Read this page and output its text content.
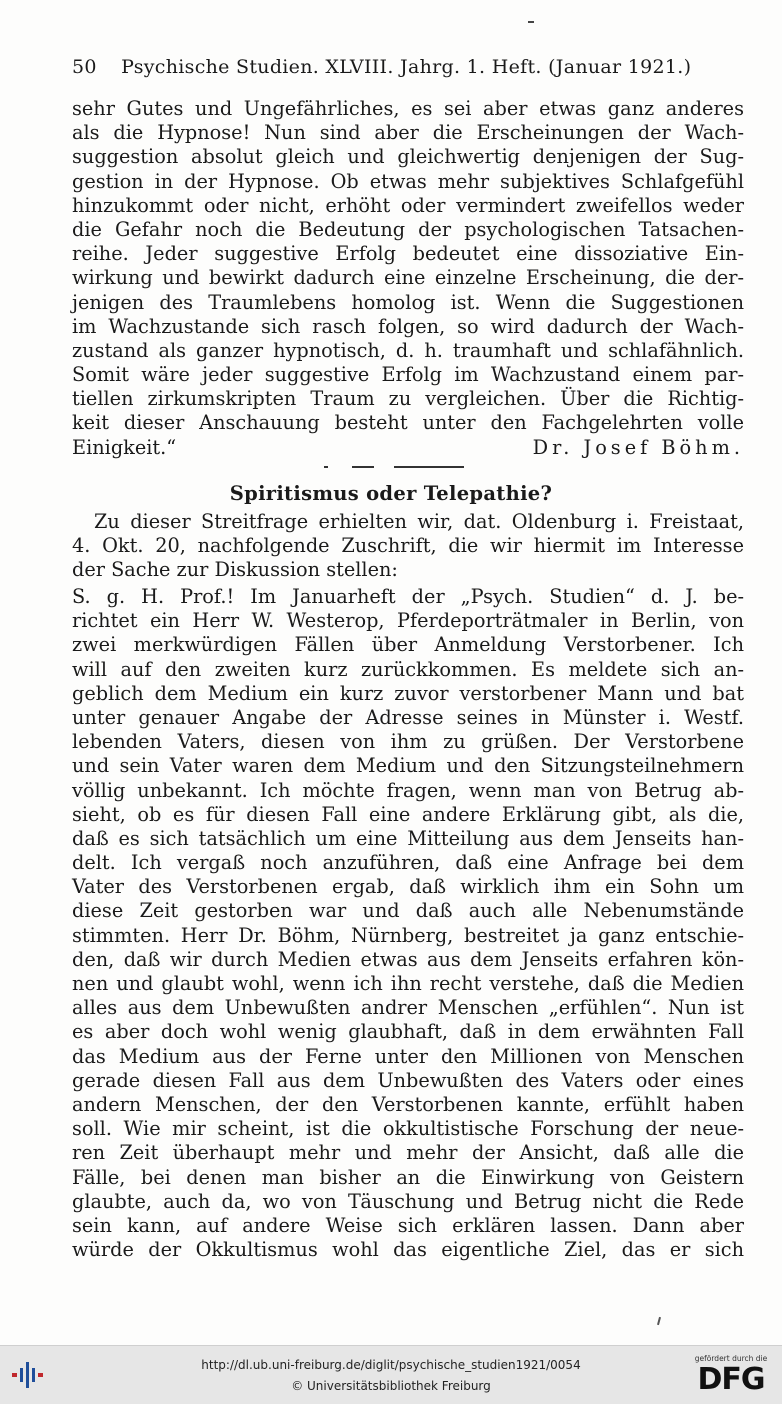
50 Psychische Studien. XLVIII. Jahrg. 1. Heft. (Januar 1921.)
sehr Gutes und Ungefährliches, es sei aber etwas ganz anderes
als die Hypnose! Nun sind aber die Erscheinungen der Wach-
suggestion absolut gleich und gleichwertig denjenigen der Sug-
gestion in der Hypnose. Ob etwas mehr subjektives Schlafgefühl
hinzukommt oder nicht, erhöht oder vermindert zweifellos weder
die Gefahr noch die Bedeutung der psychologischen Tatsachen-
reihe. Jeder suggestive Erfolg bedeutet eine dissoziative Ein-
wirkung und bewirkt dadurch eine einzelne Erscheinung, die der-
jenigen des Traumlebens homolog ist. Wenn die Suggestionen
im Wachzustande sich rasch folgen, so wird dadurch der Wach-
zustand als ganzer hypnotisch, d. h. traumhaft und schlafähnlich.
Somit wäre jeder suggestive Erfolg im Wachzustand einem par-
tiellen zirkumskripten Traum zu vergleichen. Über die Richtig-
keit dieser Anschauung besteht unter den Fachgelehrten volle
Einigkeit.“	Dr. Josef Böhm.
Spiritismus oder Telepathie?
Zu dieser Streitfrage erhielten wir, dat. Oldenburg i. Freistaat,
4. Okt. 20, nachfolgende Zuschrift, die wir hiermit im Interesse
der Sache zur Diskussion stellen:
S. g. H. Prof.! Im Januarheft der „Psych. Studien“ d. J. be-
richtet ein Herr W. Westerop, Pferdeporträtmaler in Berlin, von
zwei merkwürdigen Fällen über Anmeldung Verstorbener. Ich
will auf den zweiten kurz zurückkommen. Es meldete sich an-
geblich dem Medium ein kurz zuvor verstorbener Mann und bat
unter genauer Angabe der Adresse seines in Münster i. Westf.
lebenden Vaters, diesen von ihm zu grüßen. Der Verstorbene
und sein Vater waren dem Medium und den Sitzungsteilnehmern
völlig unbekannt. Ich möchte fragen, wenn man von Betrug ab-
sieht, ob es für diesen Fall eine andere Erklärung gibt, als die,
daß es sich tatsächlich um eine Mitteilung aus dem Jenseits han-
delt. Ich vergaß noch anzuführen, daß eine Anfrage bei dem
Vater des Verstorbenen ergab, daß wirklich ihm ein Sohn um
diese Zeit gestorben war und daß auch alle Nebenumstände
stimmten. Herr Dr. Böhm, Nürnberg, bestreitet ja ganz entschie-
den, daß wir durch Medien etwas aus dem Jenseits erfahren kön-
nen und glaubt wohl, wenn ich ihn recht verstehe, daß die Medien
alles aus dem Unbewußten andrer Menschen „erfühlen“. Nun ist
es aber doch wohl wenig glaubhaft, daß in dem erwähnten Fall
das Medium aus der Ferne unter den Millionen von Menschen
gerade diesen Fall aus dem Unbewußten des Vaters oder eines
andern Menschen, der den Verstorbenen kannte, erfühlt haben
soll. Wie mir scheint, ist die okkultistische Forschung der neue-
ren Zeit überhaupt mehr und mehr der Ansicht, daß alle die
Fälle, bei denen man bisher an die Einwirkung von Geistern
glaubte, auch da, wo von Täuschung und Betrug nicht die Rede
sein kann, auf andere Weise sich erklären lassen. Dann aber
würde der Okkultismus wohl das eigentliche Ziel, das er sich
http://dl.ub.uni-freiburg.de/diglit/psychische_studien1921/0054
© Universitätsbibliothek Freiburg
gefördert durch die
DFG
